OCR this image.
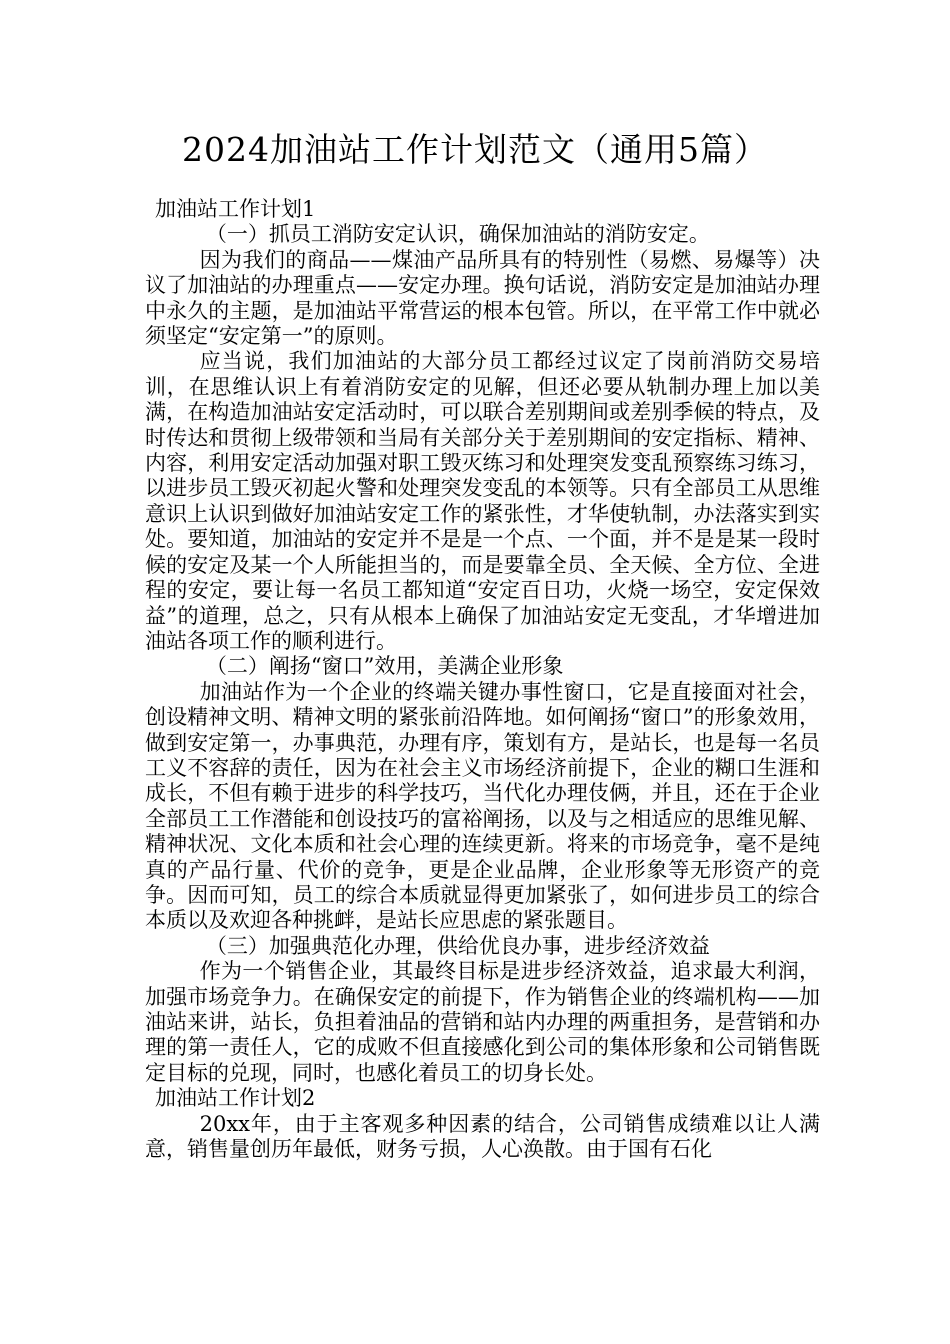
2024加油站工作计划范文（通用5篇）

加油站工作计划1

（一）抓员工消防安定认识，确保加油站的消防安定。

因为我们的商品——煤油产品所具有的特别性（易燃、易爆等）决议了加油站的办理重点——安定办理。换句话说，消防安定是加油站办理中永久的主题，是加油站平常营运的根本包管。所以，在平常工作中就必须坚定“安定第一”的原则。

应当说，我们加油站的大部分员工都经过议定了岗前消防交易培训，在思维认识上有着消防安定的见解，但还必要从轨制办理上加以美满，在构造加油站安定活动时，可以联合差别期间或差别季候的特点，及时传达和贯彻上级带领和当局有关部分关于差别期间的安定指标、精神、内容，利用安定活动加强对职工毁灭练习和处理突发变乱预察练习练习，以进步员工毁灭初起火警和处理突发变乱的本领等。只有全部员工从思维意识上认识到做好加油站安定工作的紧张性，才华使轨制，办法落实到实处。要知道，加油站的安定并不是是一个点、一个面，并不是是某一段时候的安定及某一个人所能担当的，而是要靠全员、全天候、全方位、全进程的安定，要让每一名员工都知道“安定百日功，火烧一场空，安定保效益”的道理，总之，只有从根本上确保了加油站安定无变乱，才华增进加油站各项工作的顺利进行。

（二）阐扬“窗口”效用，美满企业形象

加油站作为一个企业的终端关键办事性窗口，它是直接面对社会，创设精神文明、精神文明的紧张前沿阵地。如何阐扬“窗口”的形象效用，做到安定第一，办事典范，办理有序，策划有方，是站长，也是每一名员工义不容辞的责任，因为在社会主义市场经济前提下，企业的糊口生涯和成长，不但有赖于进步的科学技巧，当代化办理伎俩，并且，还在于企业全部员工工作潜能和创设技巧的富裕阐扬，以及与之相适应的思维见解、精神状况、文化本质和社会心理的连续更新。将来的市场竞争，毫不是纯真的产品行量、代价的竞争，更是企业品牌，企业形象等无形资产的竞争。因而可知，员工的综合本质就显得更加紧张了，如何进步员工的综合本质以及欢迎各种挑衅，是站长应思虑的紧张题目。

（三）加强典范化办理，供给优良办事，进步经济效益

作为一个销售企业，其最终目标是进步经济效益，追求最大利润，加强市场竞争力。在确保安定的前提下，作为销售企业的终端机构——加油站来讲，站长，负担着油品的营销和站内办理的两重担务，是营销和办理的第一责任人，它的成败不但直接感化到公司的集体形象和公司销售既定目标的兑现，同时，也感化着员工的切身长处。

加油站工作计划2

20xx年，由于主客观多种因素的结合，公司销售成绩难以让人满意，销售量创历年最低，财务亏损，人心涣散。由于国有石化
